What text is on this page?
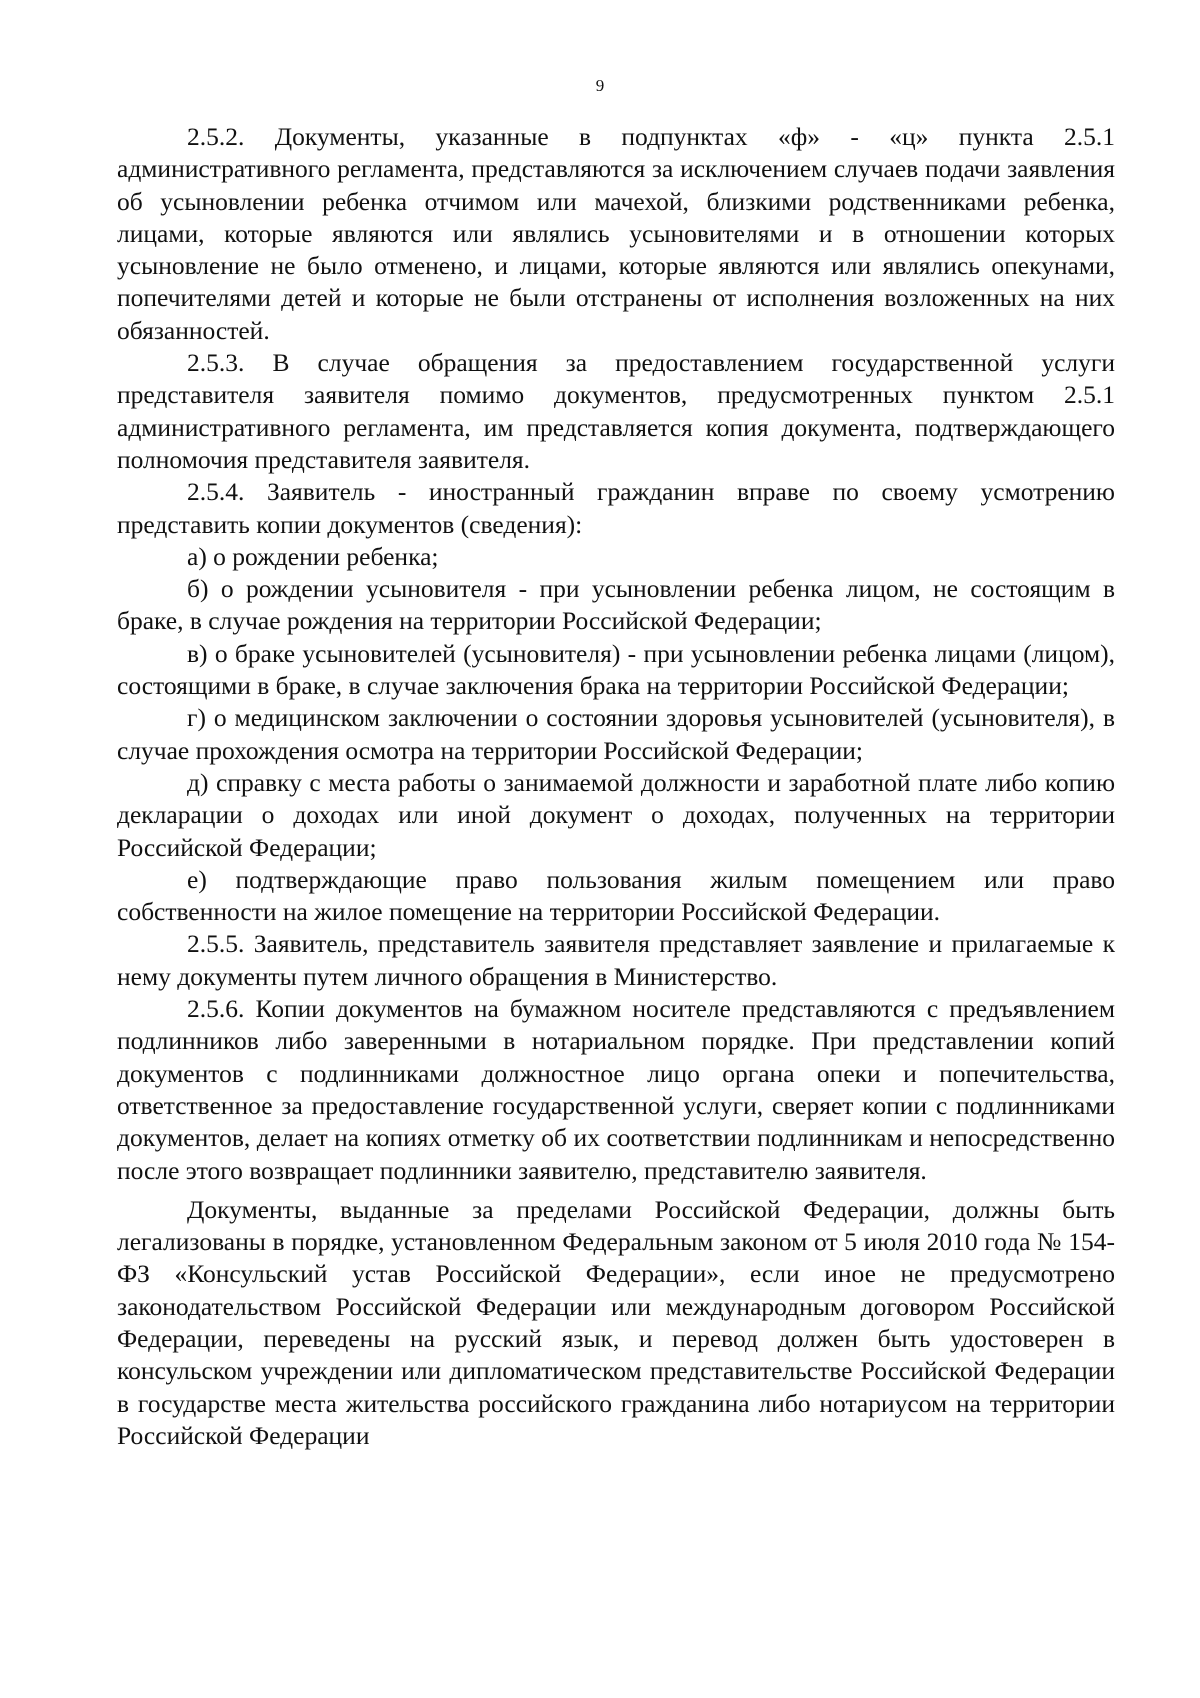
9

2.5.2. Документы, указанные в подпунктах «ф» - «ц» пункта 2.5.1 административного регламента, представляются за исключением случаев подачи заявления об усыновлении ребенка отчимом или мачехой, близкими родственниками ребенка, лицами, которые являются или являлись усыновителями и в отношении которых усыновление не было отменено, и лицами, которые являются или являлись опекунами, попечителями детей и которые не были отстранены от исполнения возложенных на них обязанностей.

2.5.3. В случае обращения за предоставлением государственной услуги представителя заявителя помимо документов, предусмотренных пунктом 2.5.1 административного регламента, им представляется копия документа, подтверждающего полномочия представителя заявителя.

2.5.4. Заявитель - иностранный гражданин вправе по своему усмотрению представить копии документов (сведения):

а) о рождении ребенка;

б) о рождении усыновителя - при усыновлении ребенка лицом, не состоящим в браке, в случае рождения на территории Российской Федерации;

в) о браке усыновителей (усыновителя) - при усыновлении ребенка лицами (лицом), состоящими в браке, в случае заключения брака на территории Российской Федерации;

г) о медицинском заключении о состоянии здоровья усыновителей (усыновителя), в случае прохождения осмотра на территории Российской Федерации;

д) справку с места работы о занимаемой должности и заработной плате либо копию декларации о доходах или иной документ о доходах, полученных на территории Российской Федерации;

е) подтверждающие право пользования жилым помещением или право собственности на жилое помещение на территории Российской Федерации.

2.5.5. Заявитель, представитель заявителя представляет заявление и прилагаемые к нему документы путем личного обращения в Министерство.

2.5.6. Копии документов на бумажном носителе представляются с предъявлением подлинников либо заверенными в нотариальном порядке. При представлении копий документов с подлинниками должностное лицо органа опеки и попечительства, ответственное за предоставление государственной услуги, сверяет копии с подлинниками документов, делает на копиях отметку об их соответствии подлинникам и непосредственно после этого возвращает подлинники заявителю, представителю заявителя.

Документы, выданные за пределами Российской Федерации, должны быть легализованы в порядке, установленном Федеральным законом от 5 июля 2010 года № 154-ФЗ «Консульский устав Российской Федерации», если иное не предусмотрено законодательством Российской Федерации или международным договором Российской Федерации, переведены на русский язык, и перевод должен быть удостоверен в консульском учреждении или дипломатическом представительстве Российской Федерации в государстве места жительства российского гражданина либо нотариусом на территории Российской Федерации
